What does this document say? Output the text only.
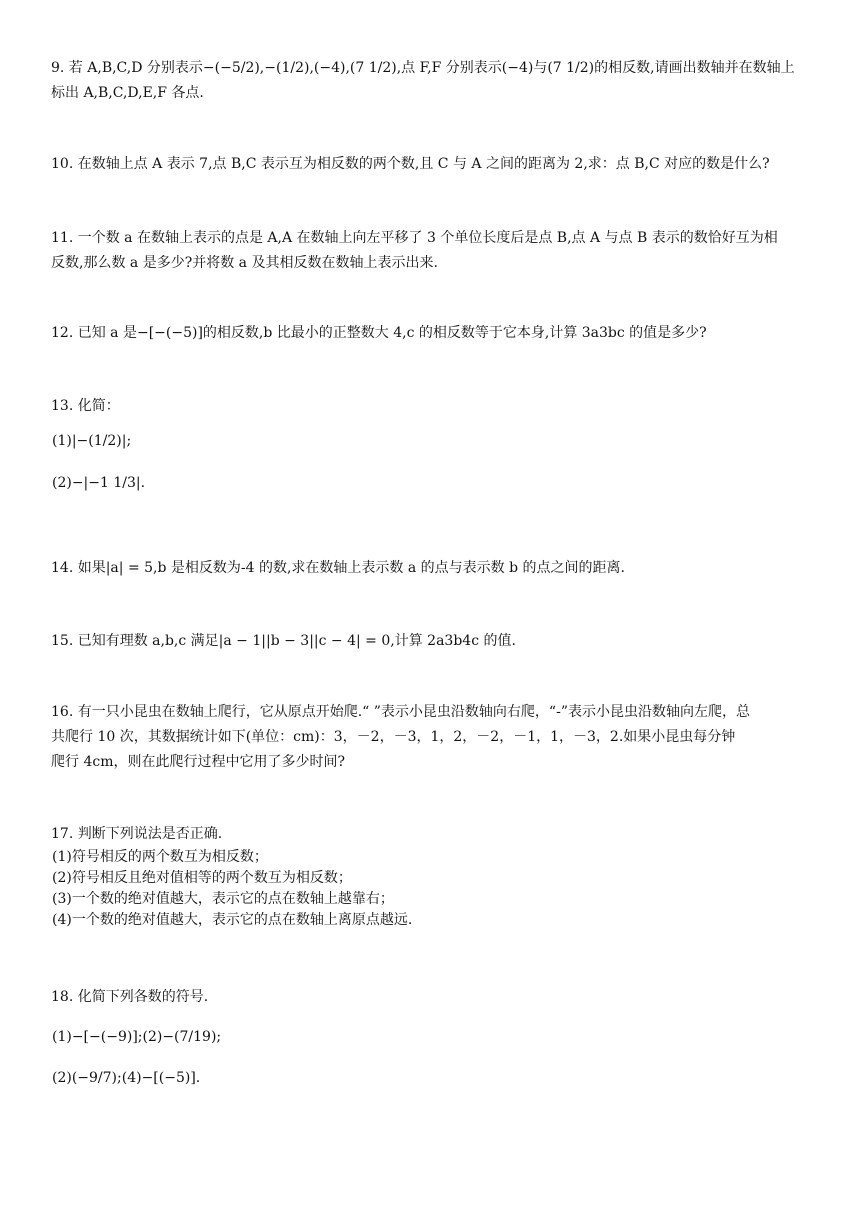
9. 若 A,B,C,D 分别表示−(−5/2),−(1/2),(−4),(7 1/2),点 F,F 分别表示(−4)与(7 1/2)的相反数,请画出数轴并在数轴上
标出 A,B,C,D,E,F 各点.
10. 在数轴上点 A 表示 7,点 B,C 表示互为相反数的两个数,且 C 与 A 之间的距离为 2,求：点 B,C 对应的数是什么?
11. 一个数 a 在数轴上表示的点是 A,A 在数轴上向左平移了 3 个单位长度后是点 B,点 A 与点 B 表示的数恰好互为相
反数,那么数 a 是多少?并将数 a 及其相反数在数轴上表示出来.
12. 已知 a 是−[−(−5)]的相反数,b 比最小的正整数大 4,c 的相反数等于它本身,计算 3a3bc 的值是多少?
13. 化简：
(1)|−(1/2)|;
(2)−|−1 1/3|.
14. 如果|a| = 5,b 是相反数为-4 的数,求在数轴上表示数 a 的点与表示数 b 的点之间的距离.
15. 已知有理数 a,b,c 满足|a − 1||b − 3||c − 4| = 0,计算 2a3b4c 的值.
16. 有一只小昆虫在数轴上爬行，它从原点开始爬.“ ”表示小昆虫沿数轴向右爬，“-”表示小昆虫沿数轴向左爬，总
共爬行 10 次，其数据统计如下(单位：cm)：3，－2，－3，1，2，－2，－1，1，－3，2.如果小昆虫每分钟
爬行 4cm，则在此爬行过程中它用了多少时间?
17. 判断下列说法是否正确.
(1)符号相反的两个数互为相反数；
(2)符号相反且绝对值相等的两个数互为相反数；
(3)一个数的绝对值越大，表示它的点在数轴上越靠右；
(4)一个数的绝对值越大，表示它的点在数轴上离原点越远.
18. 化简下列各数的符号.
(1)−[−(−9)];(2)−(7/19);
(2)(−9/7);(4)−[(−5)].
